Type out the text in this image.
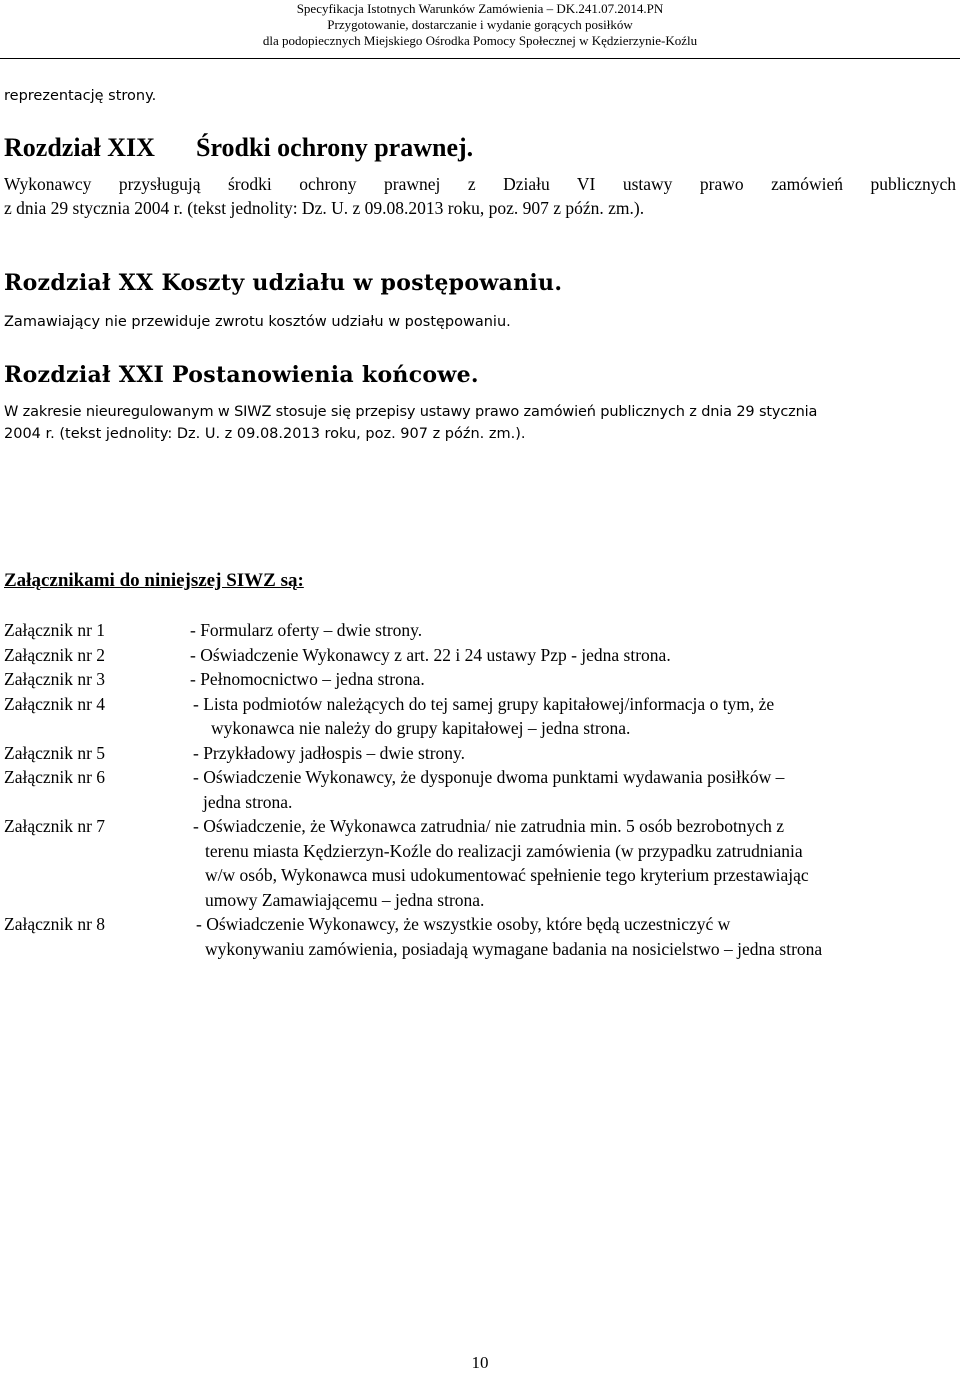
Specyfikacja Istotnych Warunków Zamówienia – DK.241.07.2014.PN
Przygotowanie, dostarczanie i wydanie gorących posiłków
dla podopiecznych Miejskiego Ośrodka Pomocy Społecznej w Kędzierzynie-Koźlu
reprezentację strony.
Rozdział XIX Środki ochrony prawnej.
Wykonawcy przysługują środki ochrony prawnej z Działu VI ustawy prawo zamówień publicznych
z dnia 29 stycznia 2004 r. (tekst jednolity: Dz. U. z 09.08.2013 roku, poz. 907 z późn. zm.).
Rozdział XX Koszty udziału w postępowaniu.
Zamawiający nie przewiduje zwrotu kosztów udziału w postępowaniu.
Rozdział XXI Postanowienia końcowe.
W zakresie nieuregulowanym w SIWZ stosuje się przepisy ustawy prawo zamówień publicznych z dnia 29 stycznia
2004 r. (tekst jednolity: Dz. U. z 09.08.2013 roku, poz. 907 z późn. zm.).
Załącznikami do niniejszej SIWZ są:
Załącznik nr 1	- Formularz oferty – dwie strony.
Załącznik nr 2	- Oświadczenie Wykonawcy z art. 22 i 24 ustawy Pzp - jedna strona.
Załącznik nr 3	- Pełnomocnictwo – jedna strona.
Załącznik nr 4	- Lista podmiotów należących do tej samej grupy kapitałowej/informacja o tym, że
wykonawca nie należy do grupy kapitałowej – jedna strona.
Załącznik nr 5	- Przykładowy jadłospis – dwie strony.
Załącznik nr 6	- Oświadczenie Wykonawcy, że dysponuje dwoma punktami wydawania posiłków –
jedna strona.
Załącznik nr 7	- Oświadczenie, że Wykonawca zatrudnia/ nie zatrudnia min. 5 osób bezrobotnych z
terenu miasta Kędzierzyn-Koźle do realizacji zamówienia (w przypadku zatrudniania
w/w osób, Wykonawca musi udokumentować spełnienie tego kryterium przestawiając
umowy Zamawiającemu – jedna strona.
Załącznik nr 8	- Oświadczenie Wykonawcy, że wszystkie osoby, które będą uczestniczyć w
wykonywaniu zamówienia, posiadają wymagane badania na nosicielstwo – jedna strona
10
